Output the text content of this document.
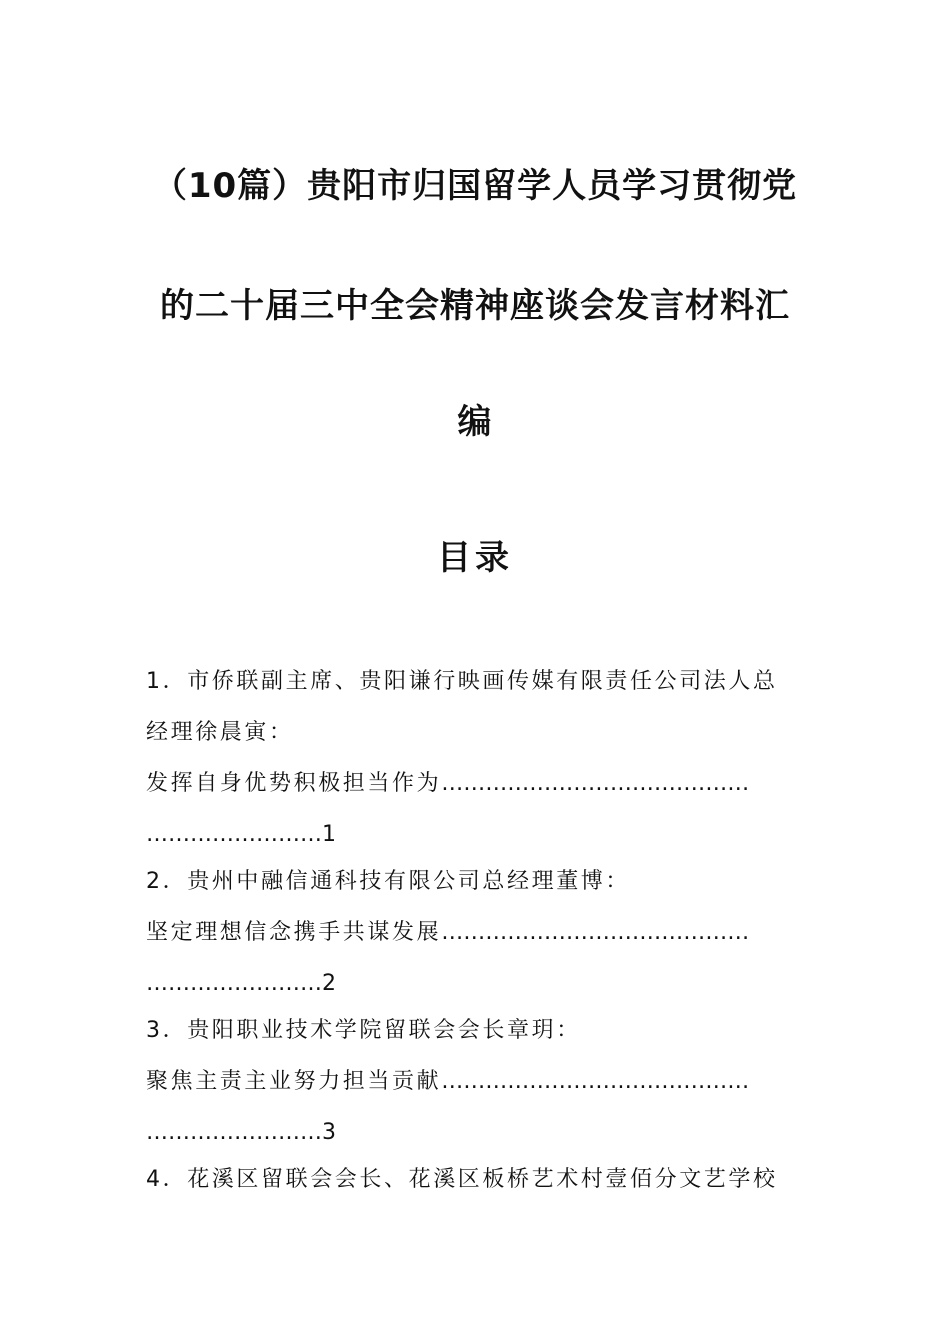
（10篇）贵阳市归国留学人员学习贯彻党
的二十届三中全会精神座谈会发言材料汇
编
目录
1．市侨联副主席、贵阳谦行映画传媒有限责任公司法人总
经理徐晨寅：
发挥自身优势积极担当作为……………………………………
……………………1
2．贵州中融信通科技有限公司总经理董博：
坚定理想信念携手共谋发展……………………………………
……………………2
3．贵阳职业技术学院留联会会长章玥：
聚焦主责主业努力担当贡献……………………………………
……………………3
4．花溪区留联会会长、花溪区板桥艺术村壹佰分文艺学校
